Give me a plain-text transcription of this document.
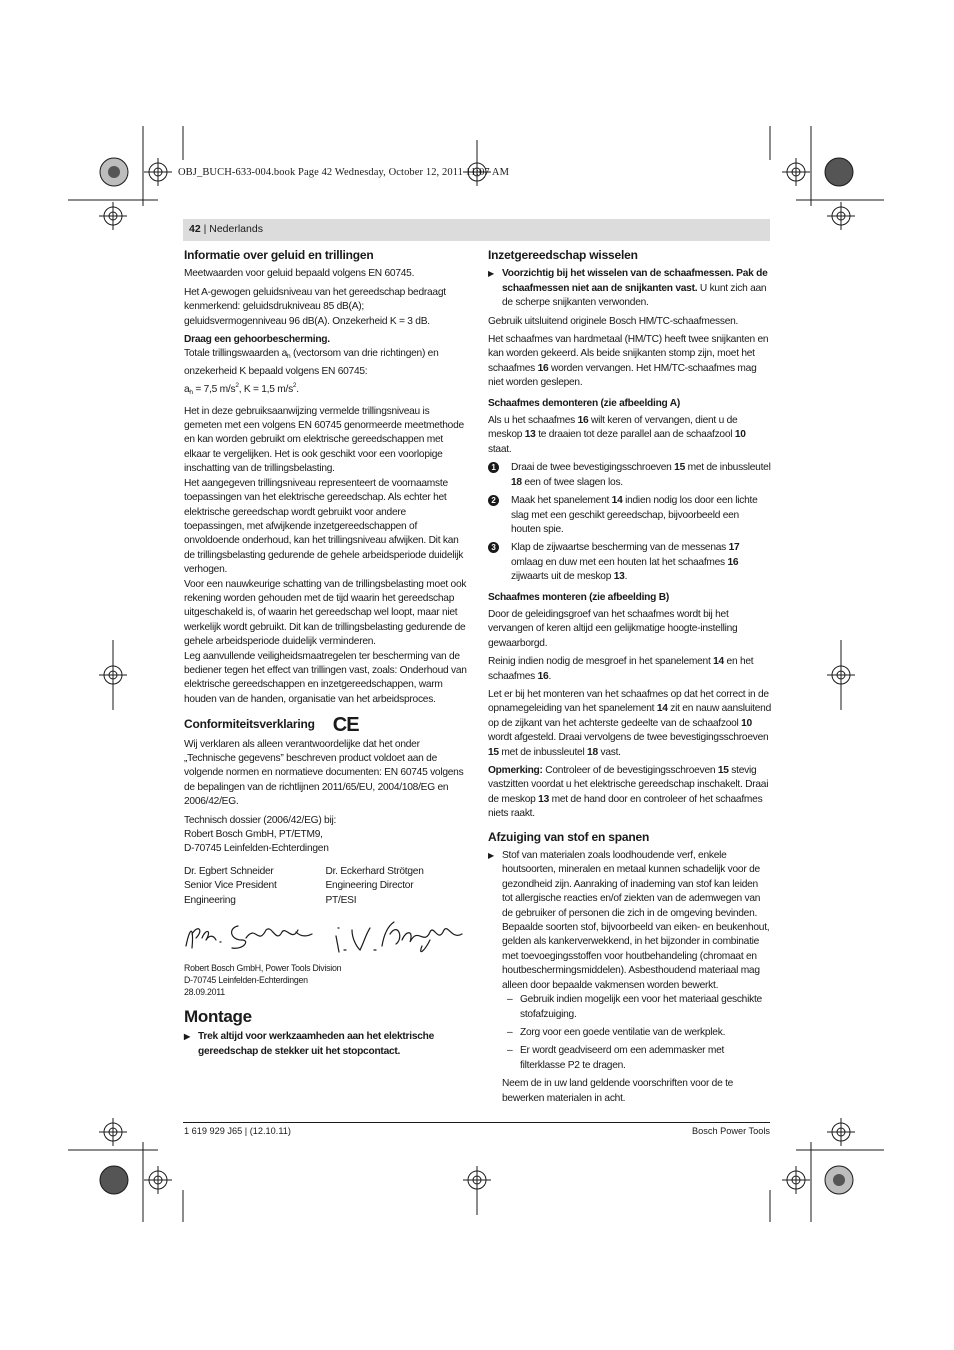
OBJ_BUCH-633-004.book Page 42 Wednesday, October 12, 2011 11:07 AM
42 | Nederlands
Informatie over geluid en trillingen

Meetwaarden voor geluid bepaald volgens EN 60745.

Het A-gewogen geluidsniveau van het gereedschap bedraagt kenmerkend: geluidsdrukniveau 85 dB(A); geluidsvermogenniveau 96 dB(A). Onzekerheid K = 3 dB.

Draag een gehoorbescherming.

Totale trillingswaarden $a_h$ (vectorsom van drie richtingen) en onzekerheid K bepaald volgens EN 60745:

$a_h = 7,5$ $m/s^2$, K = 1,5 $m/s^2$.

Het in deze gebruiksaanwijzing vermelde trillingsniveau is gemeten met een volgens EN 60745 genormeerde meetmethode en kan worden gebruikt om elektrische gereedschappen met elkaar te vergelijken. Het is ook geschikt voor een voorlopige inschatting van de trillingsbelasting.

Het aangegeven trillingsniveau representeert de voornaamste toepassingen van het elektrische gereedschap. Als echter het elektrische gereedschap wordt gebruikt voor andere toepassingen, met afwijkende inzetgereedschappen of onvoldoende onderhoud, kan het trillingsniveau afwijken. Dit kan de trillingsbelasting gedurende de gehele arbeidsperiode duidelijk verhogen.

Voor een nauwkeurige schatting van de trillingsbelasting moet ook rekening worden gehouden met de tijd waarin het gereedschap uitgeschakeld is, of waarin het gereedschap wel loopt, maar niet werkelijk wordt gebruikt. Dit kan de trillingsbelasting gedurende de gehele arbeidsperiode duidelijk verminderen.

Leg aanvullende veiligheidsmaatregelen ter bescherming van de bediener tegen het effect van trillingen vast, zoals: Onderhoud van elektrische gereedschappen en inzetgereedschappen, warm houden van de handen, organisatie van het arbeidsproces.

Conformiteitsverklaring CE

Wij verklaren als alleen verantwoordelijke dat het onder „Technische gegevens” beschreven product voldoet aan de volgende normen en normatieve documenten: EN 60745 volgens de bepalingen van de richtlijnen 2011/65/EU, 2004/108/EG en 2006/42/EG.

Technisch dossier (2006/42/EG) bij:
Robert Bosch GmbH, PT/ETM9,
D-70745 Leinfelden-Echterdingen

Dr. Egbert Schneider
Senior Vice President
Engineering
Dr. Eckerhard Strötgen
Engineering Director
PT/ESI
Robert Bosch GmbH, Power Tools Division
D-70745 Leinfelden-Echterdingen
28.09.2011
Montage

▶ Trek altijd voor werkzaamheden aan het elektrische gereedschap de stekker uit het stopcontact.

Inzetgereedschap wisselen

▶ Voorzichtig bij het wisselen van de schaafmessen. Pak de schaafmessen niet aan de snijkanten vast. U kunt zich aan de scherpe snijkanten verwonden.

Gebruik uitsluitend originele Bosch HM/TC-schaafmessen.

Het schaafmes van hardmetaal (HM/TC) heeft twee snijkanten en kan worden gekeerd. Als beide snijkanten stomp zijn, moet het schaafmes 16 worden vervangen. Het HM/TC-schaafmes mag niet worden geslepen.

Schaafmes demonteren (zie afbeelding A)

Als u het schaafmes 16 wilt keren of vervangen, dient u de meskop 13 te draaien tot deze parallel aan de schaafzool 10 staat.

1	Draai de twee bevestigingsschroeven 15 met de inbussleutel 18 een of twee slagen los.

2	Maak het spanelement 14 indien nodig los door een lichte slag met een geschikt gereedschap, bijvoorbeeld een houten spie.

3	Klap de zijwaartse bescherming van de messenas 17 omlaag en duw met een houten lat het schaafmes 16 zijwaarts uit de meskop 13.

Schaafmes monteren (zie afbeelding B)

Door de geleidingsgroef van het schaafmes wordt bij het vervangen of keren altijd een gelijkmatige hoogte-instelling gewaarborgd.

Reinig indien nodig de mesgroef in het spanelement 14 en het schaafmes 16.

Let er bij het monteren van het schaafmes op dat het correct in de opnamegeleiding van het spanelement 14 zit en nauw aansluitend op de zijkant van het achterste gedeelte van de schaafzool 10 wordt afgesteld. Draai vervolgens de twee bevestigingsschroeven 15 met de inbussleutel 18 vast.

Opmerking: Controleer of de bevestigingsschroeven 15 stevig vastzitten voordat u het elektrische gereedschap inschakelt. Draai de meskop 13 met de hand door en controleer of het schaafmes niets raakt.

Afzuiging van stof en spanen
▶ Stof van materialen zoals loodhoudende verf, enkele houtsoorten, mineralen en metaal kunnen schadelijk voor de gezondheid zijn. Aanraking of inademing van stof kan leiden tot allergische reacties en/of ziekten van de ademwegen van de gebruiker of personen die zich in de omgeving bevinden.
Bepaalde soorten stof, bijvoorbeeld van eiken- en beukenhout, gelden als kankerverwekkend, in het bijzonder in combinatie met toevoegingsstoffen voor houtbehandeling (chromaat en houtbeschermingsmiddelen). Asbesthoudend materiaal mag alleen door bepaalde vakmensen worden bewerkt.

– Gebruik indien mogelijk een voor het materiaal geschikte stofafzuiging.

– Zorg voor een goede ventilatie van de werkplek.

– Er wordt geadviseerd om een ademmasker met filterklasse P2 te dragen.

Neem de in uw land geldende voorschriften voor de te bewerken materialen in acht.

1 619 929 J65 | (12.10.11)	Bosch Power Tools
